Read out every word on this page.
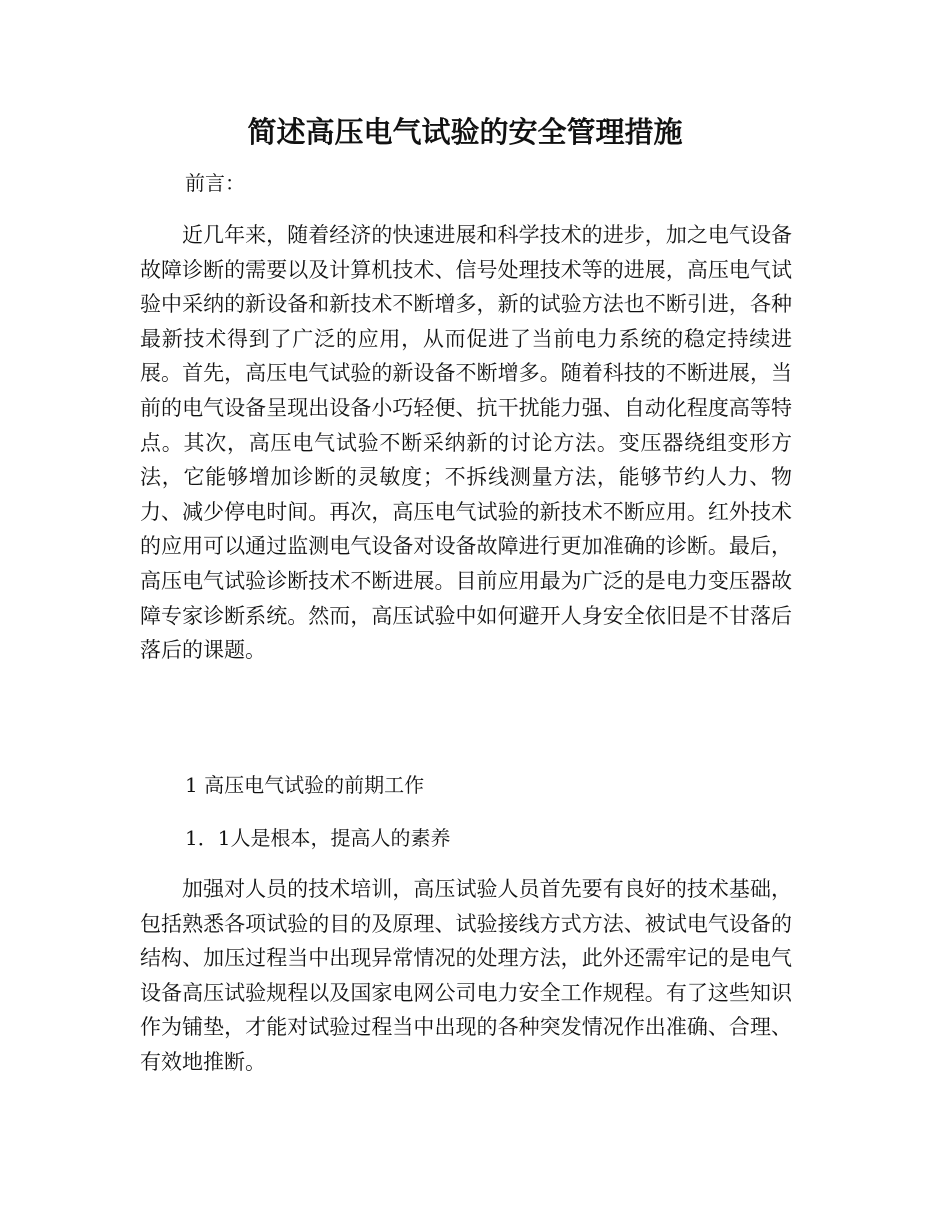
简述高压电气试验的安全管理措施

前言：

近几年来，随着经济的快速进展和科学技术的进步，加之电气设备故障诊断的需要以及计算机技术、信号处理技术等的进展，高压电气试验中采纳的新设备和新技术不断增多，新的试验方法也不断引进，各种最新技术得到了广泛的应用，从而促进了当前电力系统的稳定持续进展。首先，高压电气试验的新设备不断增多。随着科技的不断进展，当前的电气设备呈现出设备小巧轻便、抗干扰能力强、自动化程度高等特点。其次，高压电气试验不断采纳新的讨论方法。变压器绕组变形方法，它能够增加诊断的灵敏度；不拆线测量方法，能够节约人力、物力、减少停电时间。再次，高压电气试验的新技术不断应用。红外技术的应用可以通过监测电气设备对设备故障进行更加准确的诊断。最后，高压电气试验诊断技术不断进展。目前应用最为广泛的是电力变压器故障专家诊断系统。然而，高压试验中如何避开人身安全依旧是不甘落后落后的课题。

1 高压电气试验的前期工作

1．1人是根本，提高人的素养

加强对人员的技术培训，高压试验人员首先要有良好的技术基础，包括熟悉各项试验的目的及原理、试验接线方式方法、被试电气设备的结构、加压过程当中出现异常情况的处理方法，此外还需牢记的是电气设备高压试验规程以及国家电网公司电力安全工作规程。有了这些知识作为铺垫，才能对试验过程当中出现的各种突发情况作出准确、合理、有效地推断。
